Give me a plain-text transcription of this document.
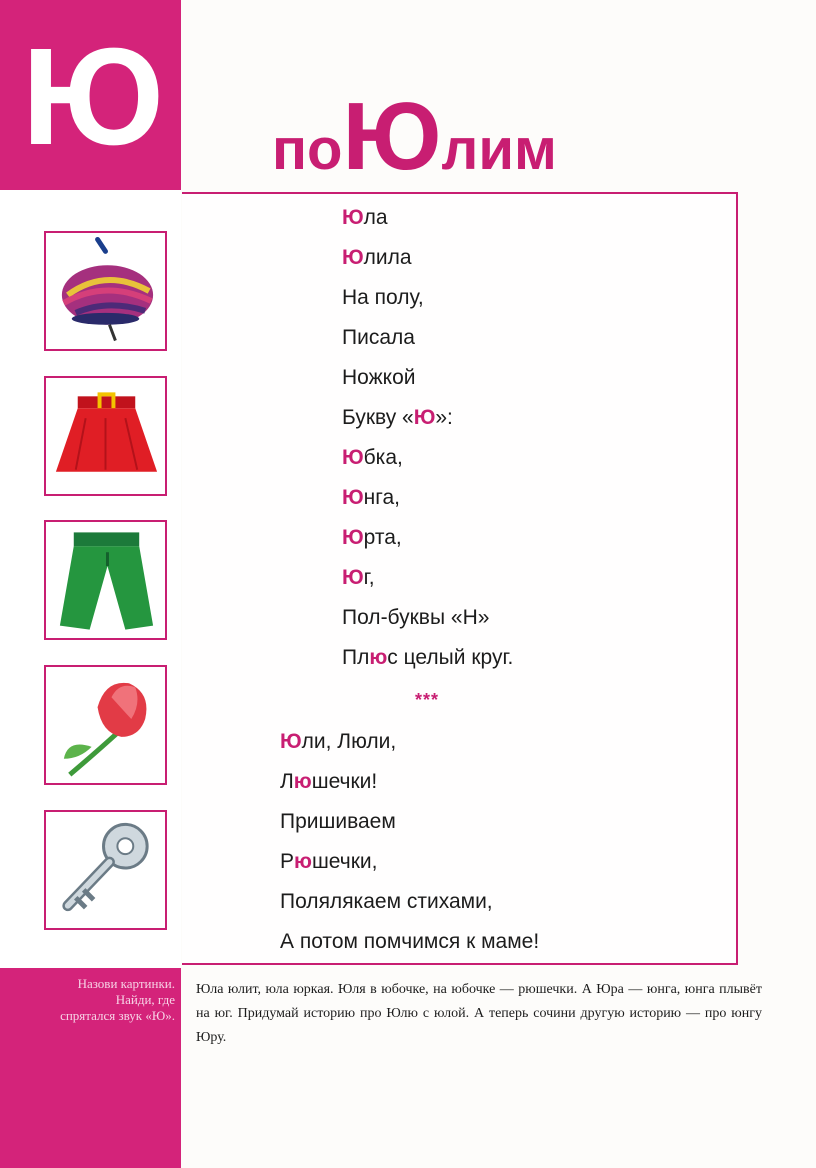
Ю поЮлим
Юла
Юлила
На полу,
Писала
Ножкой
Букву «Ю»:
Юбка,
Юнга,
Юрта,
Юг,
Пол-буквы «Н»
Плюс целый круг.
***
Юли, Люли,
Люшечки!
Пришиваем
Рюшечки,
Полялякаем стихами,
А потом помчимся к маме!
Назови картинки. Найди, где спрятался звук «Ю».
Юла юлит, юла юркая. Юля в юбочке, на юбочке — рюшечки. А Юра — юнга, юнга плывёт на юг. Придумай историю про Юлю с юлой. А теперь сочини другую историю — про юнгу Юру.
